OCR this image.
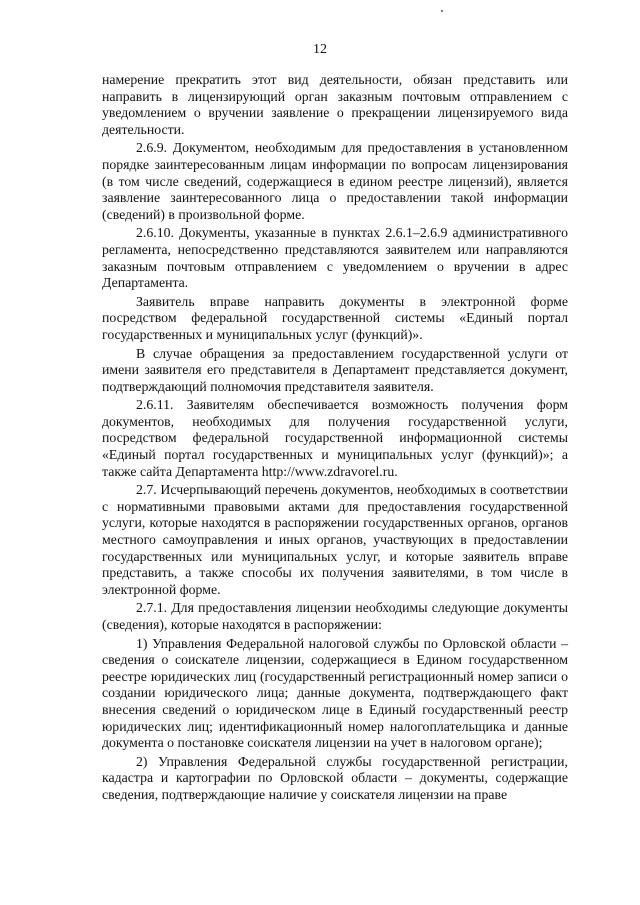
12

намерение прекратить этот вид деятельности, обязан представить или направить в лицензирующий орган заказным почтовым отправлением с уведомлением о вручении заявление о прекращении лицензируемого вида деятельности.

2.6.9. Документом, необходимым для предоставления в установленном порядке заинтересованным лицам информации по вопросам лицензирования (в том числе сведений, содержащиеся в едином реестре лицензий), является заявление заинтересованного лица о предоставлении такой информации (сведений) в произвольной форме.

2.6.10. Документы, указанные в пунктах 2.6.1–2.6.9 административного регламента, непосредственно представляются заявителем или направляются заказным почтовым отправлением с уведомлением о вручении в адрес Департамента.

Заявитель вправе направить документы в электронной форме посредством федеральной государственной системы «Единый портал государственных и муниципальных услуг (функций)».

В случае обращения за предоставлением государственной услуги от имени заявителя его представителя в Департамент представляется документ, подтверждающий полномочия представителя заявителя.

2.6.11. Заявителям обеспечивается возможность получения форм документов, необходимых для получения государственной услуги, посредством федеральной государственной информационной системы «Единый портал государственных и муниципальных услуг (функций)»; а также сайта Департамента http://www.zdravorel.ru.

2.7. Исчерпывающий перечень документов, необходимых в соответствии с нормативными правовыми актами для предоставления государственной услуги, которые находятся в распоряжении государственных органов, органов местного самоуправления и иных органов, участвующих в предоставлении государственных или муниципальных услуг, и которые заявитель вправе представить, а также способы их получения заявителями, в том числе в электронной форме.

2.7.1. Для предоставления лицензии необходимы следующие документы (сведения), которые находятся в распоряжении:

1) Управления Федеральной налоговой службы по Орловской области – сведения о соискателе лицензии, содержащиеся в Едином государственном реестре юридических лиц (государственный регистрационный номер записи о создании юридического лица; данные документа, подтверждающего факт внесения сведений о юридическом лице в Единый государственный реестр юридических лиц; идентификационный номер налогоплательщика и данные документа о постановке соискателя лицензии на учет в налоговом органе);

2) Управления Федеральной службы государственной регистрации, кадастра и картографии по Орловской области – документы, содержащие сведения, подтверждающие наличие у соискателя лицензии на праве
